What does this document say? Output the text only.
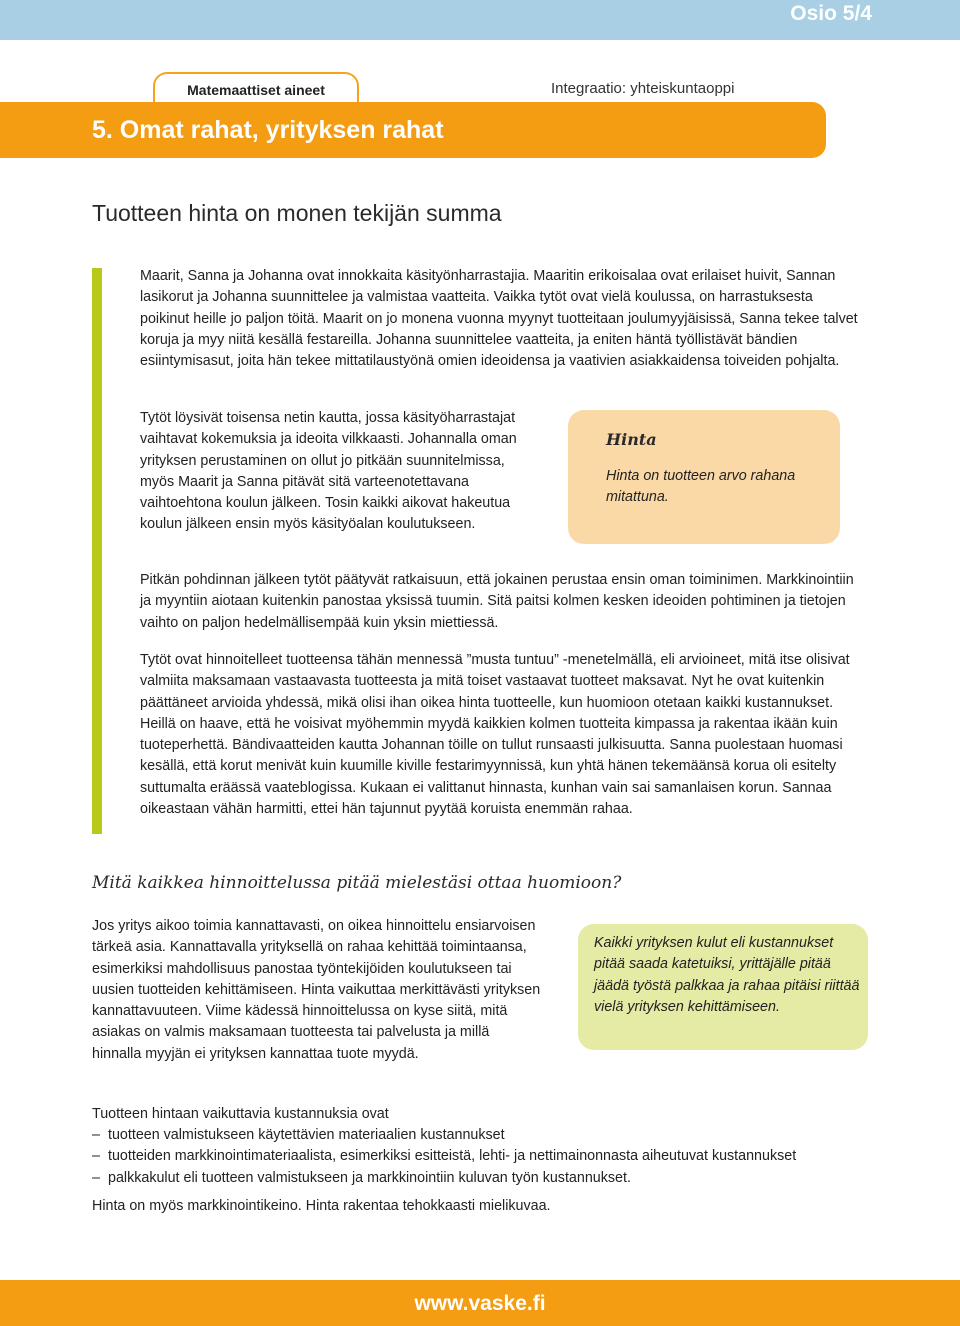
Osio 5/4
Matemaattiset aineet	Integraatio: yhteiskuntaoppi
5. Omat rahat, yrityksen rahat
Tuotteen hinta on monen tekijän summa

Maarit, Sanna ja Johanna ovat innokkaita käsityönharrastajia. Maaritin erikoisalaa ovat erilaiset huivit, Sannan lasikorut ja Johanna suunnittelee ja valmistaa vaatteita. Vaikka tytöt ovat vielä koulussa, on harrastuksesta poikinut heille jo paljon töitä. Maarit on jo monena vuonna myynyt tuotteitaan joulumyyjäisissä, Sanna tekee talvet koruja ja myy niitä kesällä festareilla. Johanna suunnittelee vaatteita, ja eniten häntä työllistävät bändien esiintymisasut, joita hän tekee mittatilaustyönä omien ideoidensa ja vaativien asiakkaidensa toiveiden pohjalta.

Tytöt löysivät toisensa netin kautta, jossa käsityöharrastajat vaihtavat kokemuksia ja ideoita vilkkaasti. Johannalla oman yrityksen perustaminen on ollut jo pitkään suunnitelmissa, myös Maarit ja Sanna pitävät sitä varteenotettavana vaihtoehtona koulun jälkeen. Tosin kaikki aikovat hakeutua koulun jälkeen ensin myös käsityöalan koulutukseen.

Hinta
Hinta on tuotteen arvo rahana mitattuna.

Pitkän pohdinnan jälkeen tytöt päätyvät ratkaisuun, että jokainen perustaa ensin oman toiminimen. Markkinointiin ja myyntiin aiotaan kuitenkin panostaa yksissä tuumin. Sitä paitsi kolmen kesken ideoiden pohtiminen ja tietojen vaihto on paljon hedelmällisempää kuin yksin miettiessä.

Tytöt ovat hinnoitelleet tuotteensa tähän mennessä ”musta tuntuu” -menetelmällä, eli arvioineet, mitä itse olisivat valmiita maksamaan vastaavasta tuotteesta ja mitä toiset vastaavat tuotteet maksavat. Nyt he ovat kuitenkin päättäneet arvioida yhdessä, mikä olisi ihan oikea hinta tuotteelle, kun huomioon otetaan kaikki kustannukset. Heillä on haave, että he voisivat myöhemmin myydä kaikkien kolmen tuotteita kimpassa ja rakentaa ikään kuin tuoteperhettä. Bändivaatteiden kautta Johannan töille on tullut runsaasti julkisuutta. Sanna puolestaan huomasi kesällä, että korut menivät kuin kuumille kiville festarimyynnissä, kun yhtä hänen tekemäänsä korua oli esitelty suttumalta eräässä vaateblogissa. Kukaan ei valittanut hinnasta, kunhan vain sai samanlaisen korun. Sannaa oikeastaan vähän harmitti, ettei hän tajunnut pyytää koruista enemmän rahaa.

Mitä kaikkea hinnoittelussa pitää mielestäsi ottaa huomioon?

Jos yritys aikoo toimia kannattavasti, on oikea hinnoittelu ensiarvoisen tärkeä asia. Kannattavalla yrityksellä on rahaa kehittää toimintaansa, esimerkiksi mahdollisuus panostaa työntekijöiden koulutukseen tai uusien tuotteiden kehittämiseen. Hinta vaikuttaa merkittävästi yrityksen kannattavuuteen. Viime kädessä hinnoittelussa on kyse siitä, mitä asiakas on valmis maksamaan tuotteesta tai palvelusta ja millä hinnalla myyjän ei yrityksen kannattaa tuote myydä.

Kaikki yrityksen kulut eli kustannukset pitää saada katetuiksi, yrittäjälle pitää jäädä työstä palkkaa ja rahaa pitäisi riittää vielä yrityksen kehittämiseen.

Tuotteen hintaan vaikuttavia kustannuksia ovat

– tuotteen valmistukseen käytettävien materiaalien kustannukset
– tuotteiden markkinointimateriaalista, esimerkiksi esitteistä, lehti- ja nettimainonnasta aiheutuvat kustannukset
– palkkakulut eli tuotteen valmistukseen ja markkinointiin kuluvan työn kustannukset.

Hinta on myös markkinointikeino. Hinta rakentaa tehokkaasti mielikuvaa.

www.vaske.fi
